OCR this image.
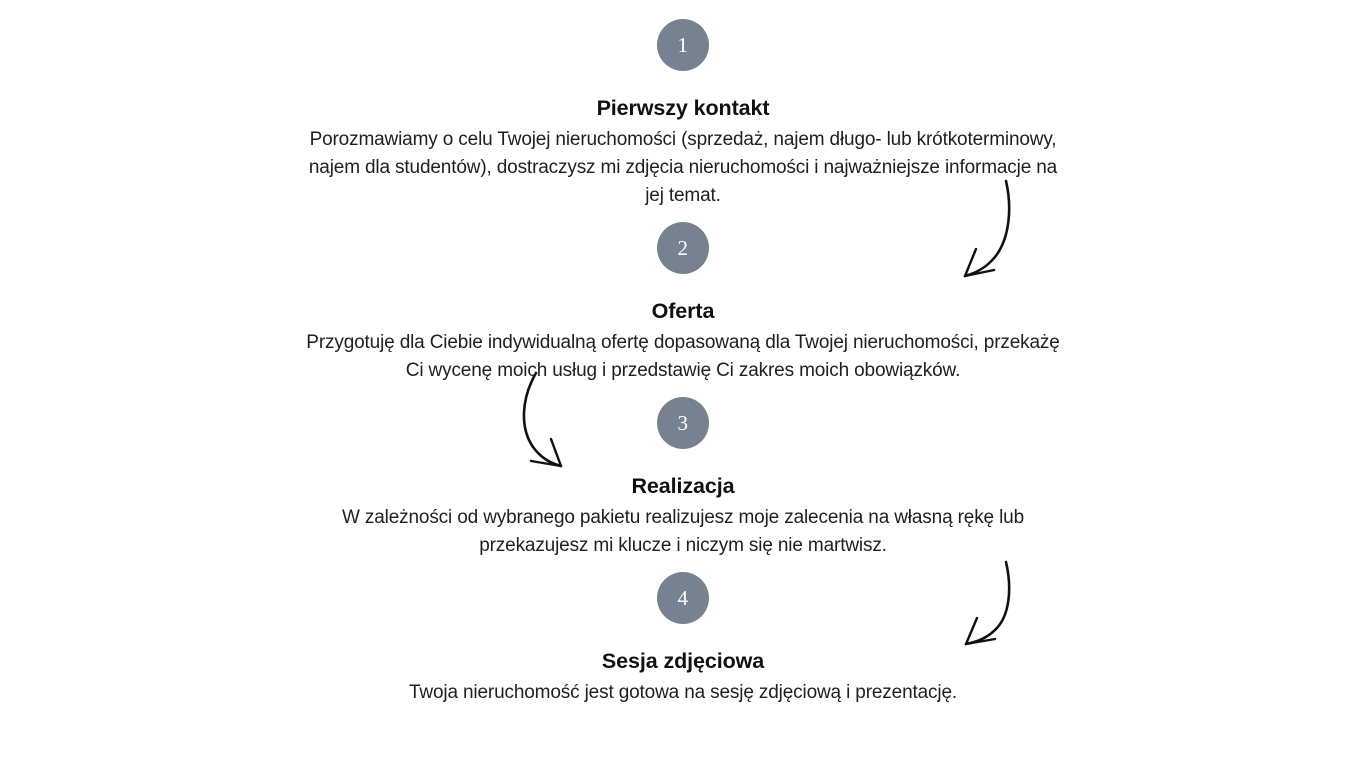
1
Pierwszy kontakt
Porozmawiamy o celu Twojej nieruchomości (sprzedaż, najem długo- lub krótkoterminowy, najem dla studentów), dostraczysz mi zdjęcia nieruchomości i najważniejsze informacje na jej temat.
2
Oferta
Przygotuję dla Ciebie indywidualną ofertę dopasowaną dla Twojej nieruchomości, przekażę Ci wycenę moich usług i przedstawię Ci zakres moich obowiązków.
3
Realizacja
W zależności od wybranego pakietu realizujesz moje zalecenia na własną rękę lub przekazujesz mi klucze i niczym się nie martwisz.
4
Sesja zdjęciowa
Twoja nieruchomość jest gotowa na sesję zdjęciową i prezentację.
